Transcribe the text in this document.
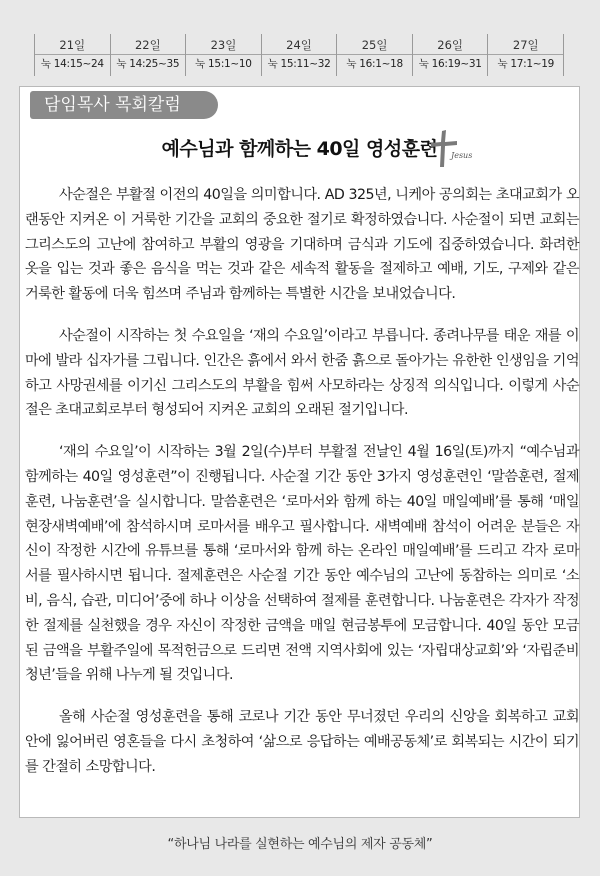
21일
눅 14:15~24
22일
눅 14:25~35
23일
눅 15:1~10
24일
눅 15:11~32
25일
눅 16:1~18
26일
눅 16:19~31
27일
눅 17:1~19
담임목사 목회칼럼
예수님과 함께하는 40일 영성훈련	Jesus

사순절은 부활절 이전의 40일을 의미합니다. AD 325년, 니케아 공의회는 초대교회가 오랜동안 지켜온 이 거룩한 기간을 교회의 중요한 절기로 확정하였습니다. 사순절이 되면 교회는 그리스도의 고난에 참여하고 부활의 영광을 기대하며 금식과 기도에 집중하였습니다. 화려한 옷을 입는 것과 좋은 음식을 먹는 것과 같은 세속적 활동을 절제하고 예배, 기도, 구제와 같은 거룩한 활동에 더욱 힘쓰며 주님과 함께하는 특별한 시간을 보내었습니다.

사순절이 시작하는 첫 수요일을 ‘재의 수요일’이라고 부릅니다. 종려나무를 태운 재를 이마에 발라 십자가를 그립니다. 인간은 흙에서 와서 한줌 흙으로 돌아가는 유한한 인생임을 기억하고 사망권세를 이기신 그리스도의 부활을 힘써 사모하라는 상징적 의식입니다. 이렇게 사순절은 초대교회로부터 형성되어 지켜온 교회의 오래된 절기입니다.

‘재의 수요일’이 시작하는 3월 2일(수)부터 부활절 전날인 4월 16일(토)까지 “예수님과 함께하는 40일 영성훈련”이 진행됩니다. 사순절 기간 동안 3가지 영성훈련인 ‘말씀훈련, 절제훈련, 나눔훈련’을 실시합니다. 말씀훈련은 ‘로마서와 함께 하는 40일 매일예배’를 통해 ‘매일 현장새벽예배’에 참석하시며 로마서를 배우고 필사합니다. 새벽예배 참석이 어려운 분들은 자신이 작정한 시간에 유튜브를 통해 ‘로마서와 함께 하는 온라인 매일예배’를 드리고 각자 로마서를 필사하시면 됩니다. 절제훈련은 사순절 기간 동안 예수님의 고난에 동참하는 의미로 ‘소비, 음식, 습관, 미디어’중에 하나 이상을 선택하여 절제를 훈련합니다. 나눔훈련은 각자가 작정한 절제를 실천했을 경우 자신이 작정한 금액을 매일 현금봉투에 모금합니다. 40일 동안 모금된 금액을 부활주일에 목적헌금으로 드리면 전액 지역사회에 있는 ‘자립대상교회’와 ‘자립준비청년’들을 위해 나누게 될 것입니다.

올해 사순절 영성훈련을 통해 코로나 기간 동안 무너졌던 우리의 신앙을 회복하고 교회 안에 잃어버린 영혼들을 다시 초청하여 ‘삶으로 응답하는 예배공동체’로 회복되는 시간이 되기를 간절히 소망합니다.

“하나님 나라를 실현하는 예수님의 제자 공동체”
